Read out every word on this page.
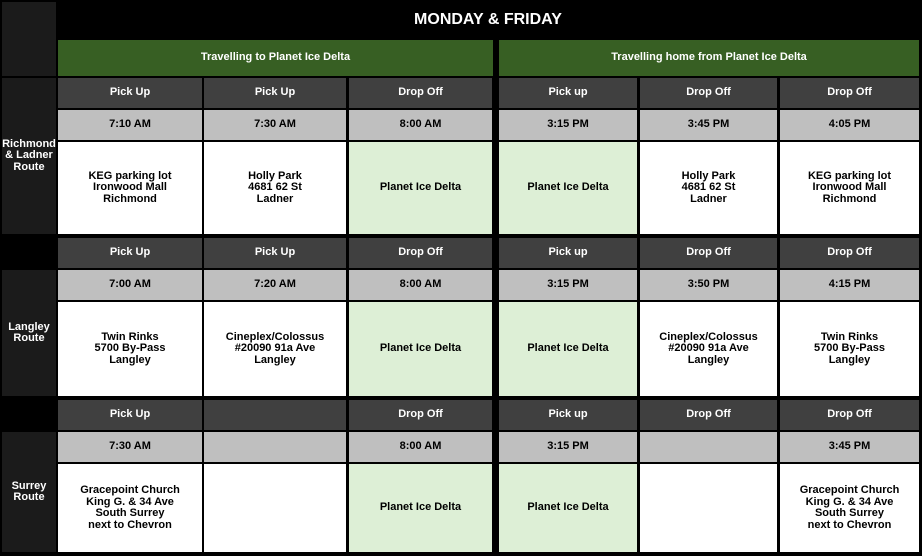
MONDAY & FRIDAY
Travelling to Planet Ice Delta	Travelling home from Planet Ice Delta
Richmond
& Ladner
Route
Pick Up
7:10 AM
KEG parking lot
Ironwood Mall
Richmond
Pick Up
7:30 AM
Holly Park
4681 62 St
Ladner
Drop Off
8:00 AM
Planet Ice Delta
Pick up
3:15 PM
Planet Ice Delta
Drop Off
3:45 PM
Holly Park
4681 62 St
Ladner
Drop Off
4:05 PM
KEG parking lot
Ironwood Mall
Richmond
Langley
Route
Pick Up
7:00 AM
Twin Rinks
5700 By-Pass
Langley
Pick Up
7:20 AM
Cineplex/Colossus
#20090 91a Ave
Langley
Drop Off
8:00 AM
Planet Ice Delta
Pick up
3:15 PM
Planet Ice Delta
Drop Off
3:50 PM
Cineplex/Colossus
#20090 91a Ave
Langley
Drop Off
4:15 PM
Twin Rinks
5700 By-Pass
Langley
Surrey
Route
Pick Up
7:30 AM
Gracepoint Church
King G. & 34 Ave
South Surrey
next to Chevron
Drop Off
8:00 AM
Planet Ice Delta
Pick up
3:15 PM
Planet Ice Delta
Drop Off	Drop Off
3:45 PM
Gracepoint Church
King G. & 34 Ave
South Surrey
next to Chevron
